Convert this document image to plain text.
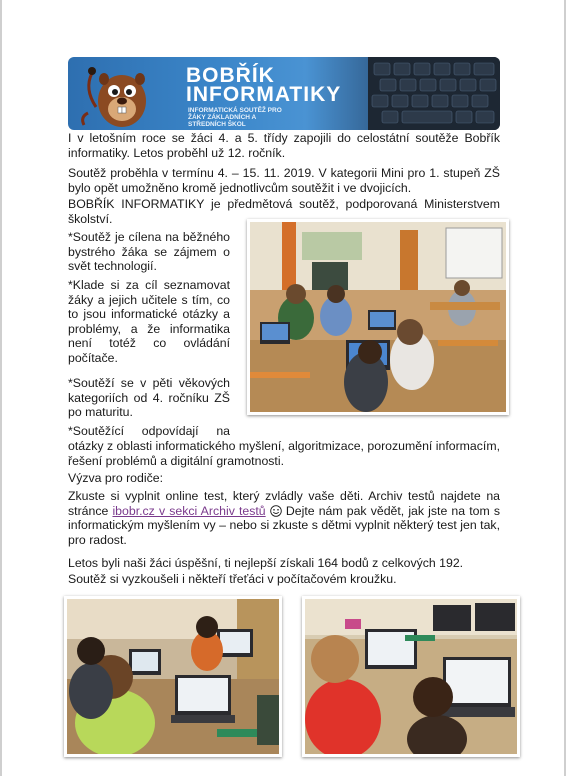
BOBŘÍK
INFORMATIKY
INFORMATICKÁ SOUTĚŽ PRO ŽÁKY ZÁKLADNÍCH A STŘEDNÍCH ŠKOL
I v letošním roce se žáci 4. a 5. třídy zapojili do celostátní soutěže Bobřík informatiky. Letos proběhl už 12. ročník.
Soutěž proběhla v termínu 4. – 15. 11. 2019. V kategorii Mini pro 1. stupeň ZŠ bylo opět umožněno kromě jednotlivcům soutěžit i ve dvojicích.
BOBŘÍK INFORMATIKY je předmětová soutěž, podporovaná Ministerstvem školství.
*Soutěž je cílena na běžného bystrého žáka se zájmem o svět technologií.
*Klade si za cíl seznamovat žáky a jejich učitele s tím, co to jsou informatické otázky a problémy, a že informatika není totéž co ovládání počítače.
*Soutěží se v pěti věkových kategoriích od 4. ročníku ZŠ po maturitu.
*Soutěžící odpovídají na
otázky z oblasti informatického myšlení, algoritmizace, porozumění informacím, řešení problémů a digitální gramotnosti.
Výzva pro rodiče:
Zkuste si vyplnit online test, který zvládly vaše děti. Archiv testů najdete na stránce ibobr.cz v sekci Archiv testů  Dejte nám pak vědět, jak jste na tom s informatickým myšlením vy – nebo si zkuste s dětmi vyplnit některý test jen tak, pro radost.
Letos byli naši žáci úspěšní, ti nejlepší získali 164 bodů z celkových 192.
Soutěž si vyzkoušeli i někteří třeťáci v počítačovém kroužku.
